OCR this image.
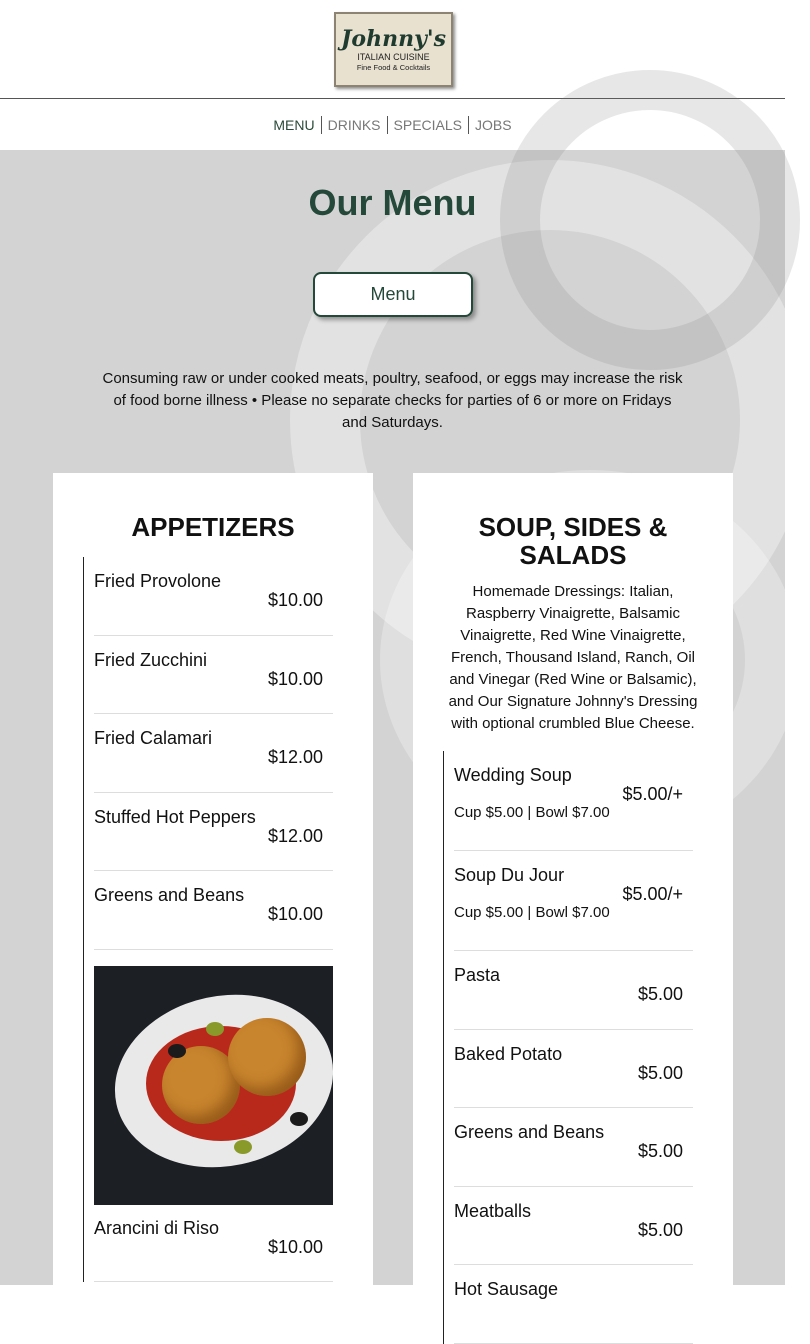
Johnny's
ITALIAN CUISINE
Fine Food & Cocktails
MENU DRINKS SPECIALS JOBS
Our Menu
Menu

Consuming raw or under cooked meats, poultry, seafood, or eggs may increase the risk of food borne illness • Please no separate checks for parties of 6 or more on Fridays and Saturdays.

APPETIZERS
Fried Provolone
$10.00
Fried Zucchini
$10.00
Fried Calamari
$12.00
Stuffed Hot Peppers
$12.00
Greens and Beans
$10.00
Arancini di Riso
$10.00
SOUP, SIDES & SALADS

Homemade Dressings: Italian, Raspberry Vinaigrette, Balsamic Vinaigrette, Red Wine Vinaigrette, French, Thousand Island, Ranch, Oil and Vinegar (Red Wine or Balsamic), and Our Signature Johnny's Dressing with optional crumbled Blue Cheese.

Wedding Soup
$5.00/+
Cup $5.00 | Bowl $7.00
Soup Du Jour
$5.00/+
Cup $5.00 | Bowl $7.00
Pasta
$5.00
Baked Potato
$5.00
Greens and Beans
$5.00
Meatballs
$5.00
Hot Sausage
